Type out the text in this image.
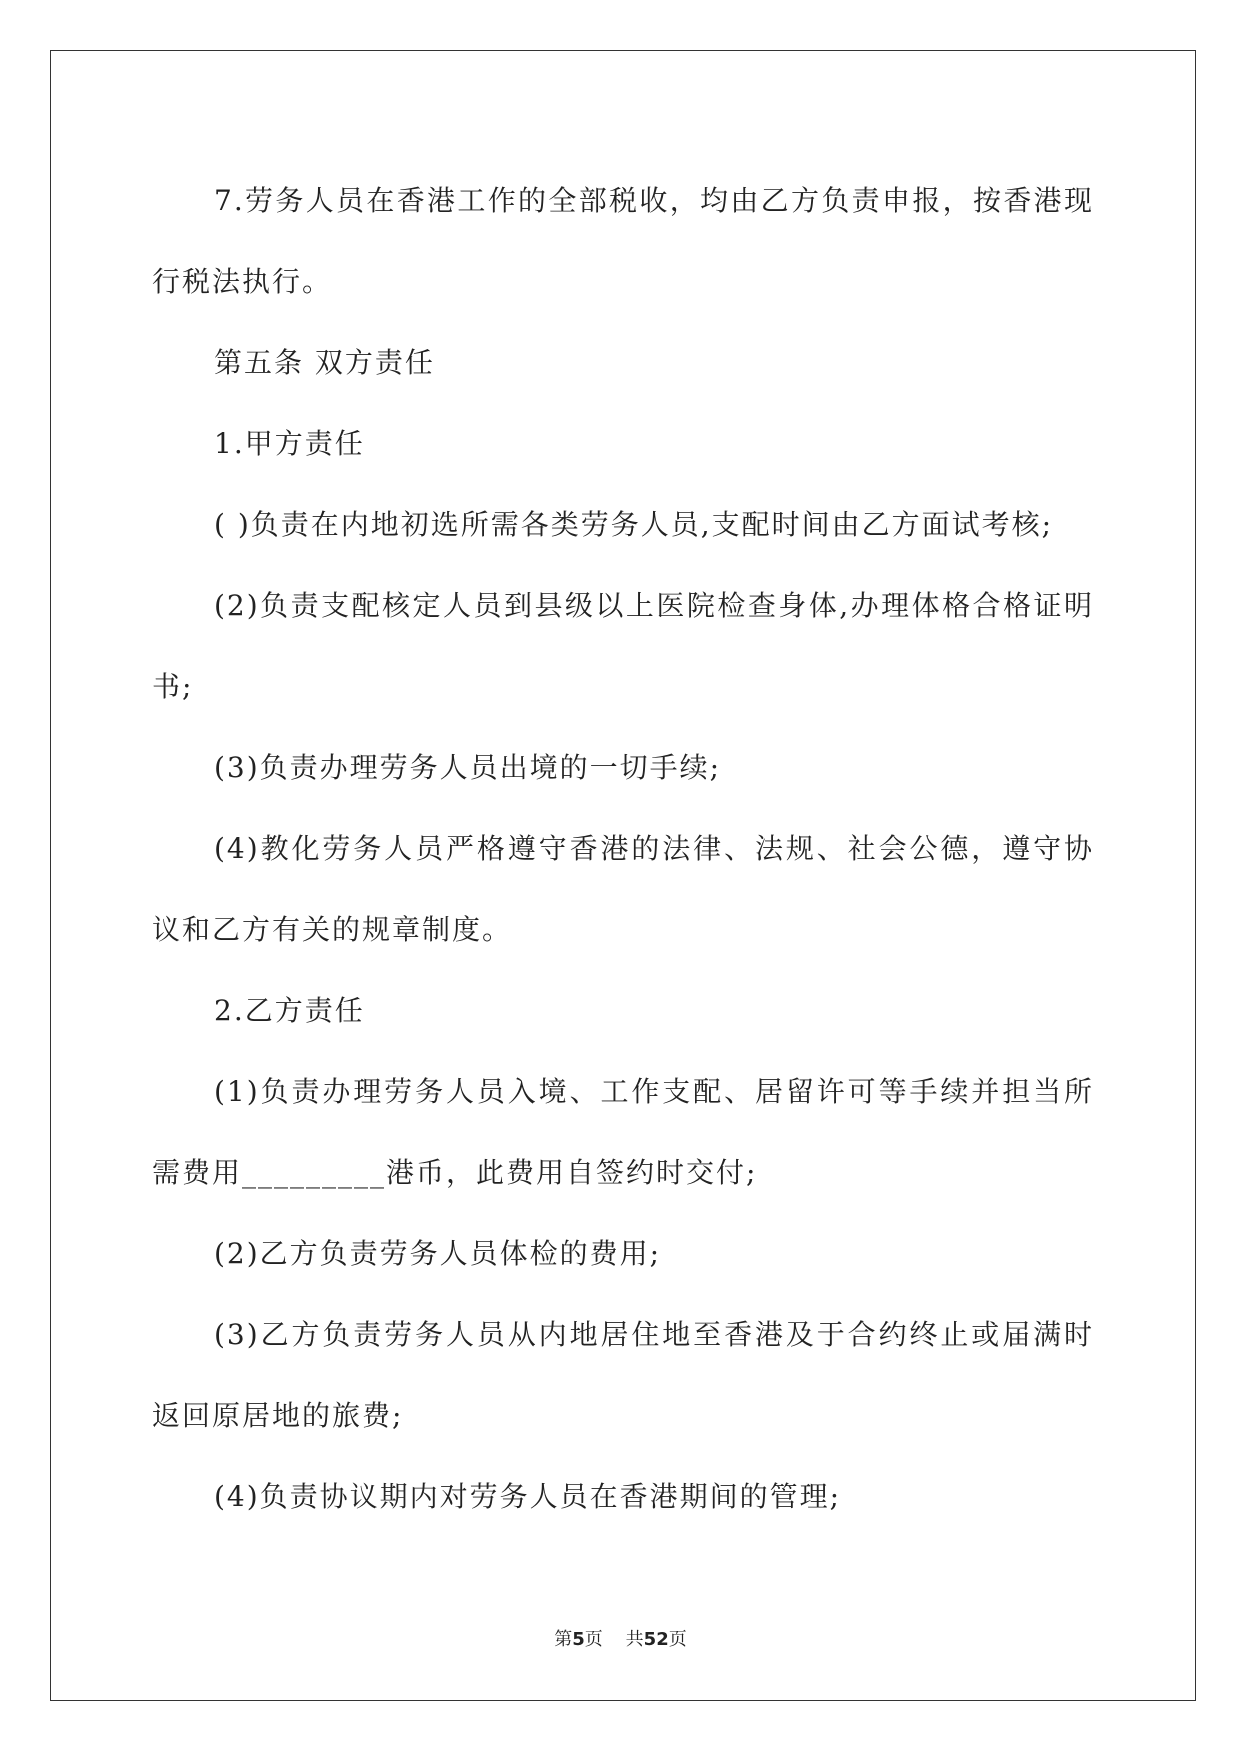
7.劳务人员在香港工作的全部税收，均由乙方负责申报，按香港现行税法执行。

第五条 双方责任

1.甲方责任

( )负责在内地初选所需各类劳务人员,支配时间由乙方面试考核;

(2)负责支配核定人员到县级以上医院检查身体,办理体格合格证明书;

(3)负责办理劳务人员出境的一切手续;

(4)教化劳务人员严格遵守香港的法律、法规、社会公德，遵守协议和乙方有关的规章制度。

2.乙方责任

(1)负责办理劳务人员入境、工作支配、居留许可等手续并担当所需费用_________港币，此费用自签约时交付;

(2)乙方负责劳务人员体检的费用;

(3)乙方负责劳务人员从内地居住地至香港及于合约终止或届满时返回原居地的旅费;

(4)负责协议期内对劳务人员在香港期间的管理;

第5页 共52页
